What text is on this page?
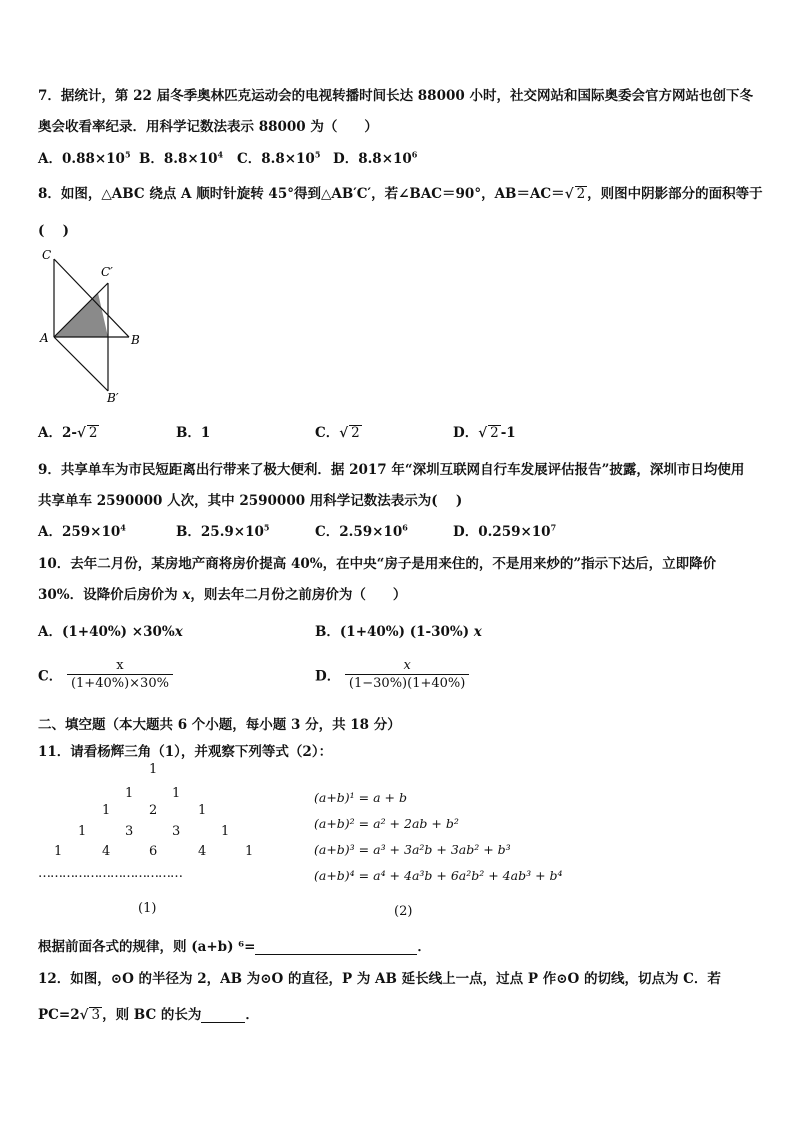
7．据统计，第 22 届冬季奥林匹克运动会的电视转播时间长达 88000 小时，社交网站和国际奥委会官方网站也创下冬
奥会收看率纪录．用科学记数法表示 88000 为（　　）
A．$0.88\times 10^5$ B．$8.8\times 10^4$ C．$8.8\times 10^5$ D．$8.8\times 10^6$
8．如图，△ABC 绕点 A 顺时针旋转 45°得到△AB′C′，若∠BAC＝90°，AB＝AC＝√ 2 ，则图中阴影部分的面积等于
(　 )
C
C′
A	B
B′
A．2-√ 2	B．1	C．√ 2	D．√ 2 -1
9．共享单车为市民短距离出行带来了极大便利．据 2017 年“深圳互联网自行车发展评估报告”披露，深圳市日均使用
共享单车 2590000 人次，其中 2590000 用科学记数法表示为(　 )
A．$259\times 10^4$	B．$25.9\times 10^5$	C．$2.59\times 10^6$	D．$0.259\times 10^7$
10．去年二月份，某房地产商将房价提高 40%，在中央“房子是用来住的，不是用来炒的”指示下达后，立即降价
30%．设降价后房价为 x，则去年二月份之前房价为（　　）
A．(1+40%) ×30%x	B．(1+40%) (1-30%) x
C． $\frac{x}{(1+40\%)\times 30\%}$	D． $\frac{x}{(1-30\%)(1+40\%)}$
二、填空题（本大题共 6 个小题，每小题 3 分，共 18 分）
11．请看杨辉三角（1），并观察下列等式（2）：
1
1	1
1	2	1
1	3	3	1
1	4	6	4	1
………………………………
(1)
(a+b)¹ = a + b
(a+b)² = a² + 2ab + b²
(a+b)³ = a³ + 3a²b + 3ab² + b³
(a+b)⁴ = a⁴ + 4a³b + 6a²b² + 4ab³ + b⁴
(2)
根据前面各式的规律，则 (a+b) ⁶=	．
12．如图，⊙O 的半径为 2，AB 为⊙O 的直径，P 为 AB 延长线上一点，过点 P 作⊙O 的切线，切点为 C．若
PC=2√ 3 ，则 BC 的长为	．
